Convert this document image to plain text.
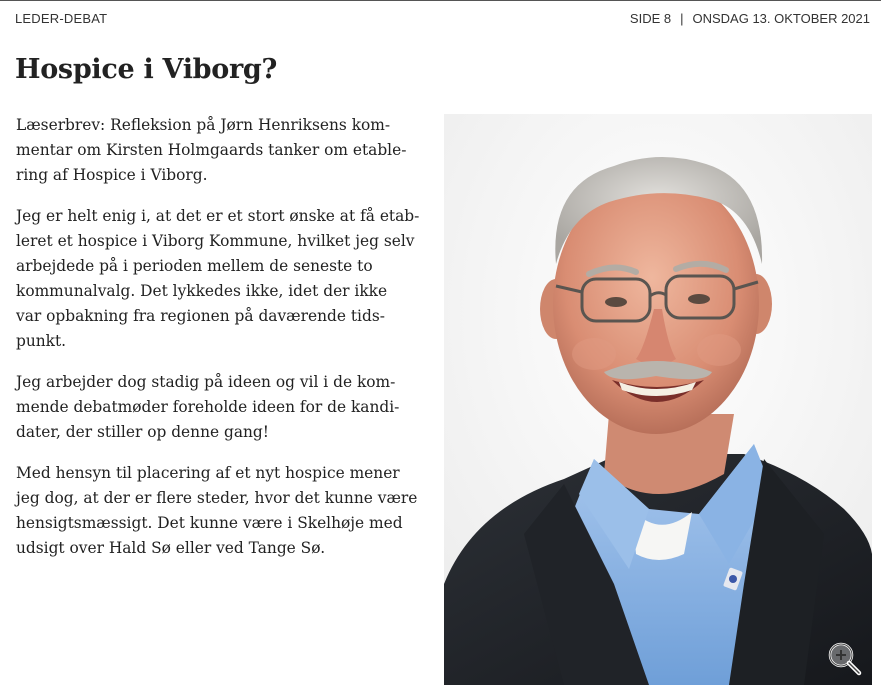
LEDER-DEBAT	SIDE 8 | ONSDAG 13. OKTOBER 2021
Hospice i Viborg?

Læserbrev: Refleksion på Jørn Henriksens kom-
mentar om Kirsten Holmgaards tanker om etable-
ring af Hospice i Viborg.

Jeg er helt enig i, at det er et stort ønske at få etab-
leret et hospice i Viborg Kommune, hvilket jeg selv
arbejdede på i perioden mellem de seneste to
kommunalvalg. Det lykkedes ikke, idet der ikke
var opbakning fra regionen på daværende tids-
punkt.

Jeg arbejder dog stadig på ideen og vil i de kom-
mende debatmøder foreholde ideen for de kandi-
dater, der stiller op denne gang!

Med hensyn til placering af et nyt hospice mener
jeg dog, at der er flere steder, hvor det kunne være
hensigtsmæssigt. Det kunne være i Skelhøje med
udsigt over Hald Sø eller ved Tange Sø.
